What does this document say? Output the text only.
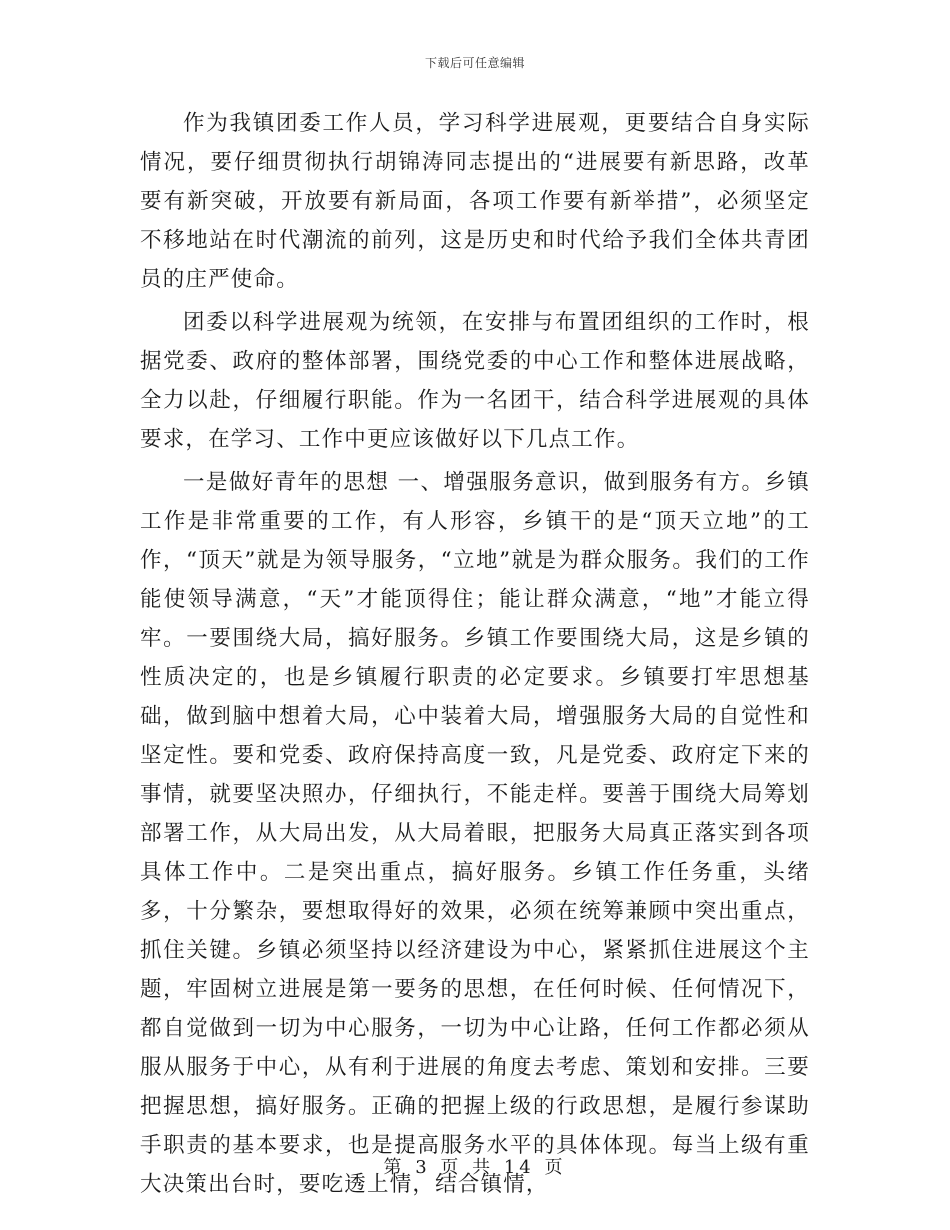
下载后可任意编辑

作为我镇团委工作人员，学习科学进展观，更要结合自身实际情况，要仔细贯彻执行胡锦涛同志提出的“进展要有新思路，改革要有新突破，开放要有新局面，各项工作要有新举措”，必须坚定不移地站在时代潮流的前列，这是历史和时代给予我们全体共青团员的庄严使命。

团委以科学进展观为统领，在安排与布置团组织的工作时，根据党委、政府的整体部署，围绕党委的中心工作和整体进展战略，全力以赴，仔细履行职能。作为一名团干，结合科学进展观的具体要求，在学习、工作中更应该做好以下几点工作。

一是做好青年的思想 一、增强服务意识，做到服务有方。乡镇工作是非常重要的工作，有人形容，乡镇干的是“顶天立地”的工作，“顶天”就是为领导服务，“立地”就是为群众服务。我们的工作能使领导满意，“天”才能顶得住；能让群众满意，“地”才能立得牢。一要围绕大局，搞好服务。乡镇工作要围绕大局，这是乡镇的性质决定的，也是乡镇履行职责的必定要求。乡镇要打牢思想基础，做到脑中想着大局，心中装着大局，增强服务大局的自觉性和坚定性。要和党委、政府保持高度一致，凡是党委、政府定下来的事情，就要坚决照办，仔细执行，不能走样。要善于围绕大局筹划部署工作，从大局出发，从大局着眼，把服务大局真正落实到各项具体工作中。二是突出重点，搞好服务。乡镇工作任务重，头绪多，十分繁杂，要想取得好的效果，必须在统筹兼顾中突出重点，抓住关键。乡镇必须坚持以经济建设为中心，紧紧抓住进展这个主题，牢固树立进展是第一要务的思想，在任何时候、任何情况下，都自觉做到一切为中心服务，一切为中心让路，任何工作都必须从服从服务于中心，从有利于进展的角度去考虑、策划和安排。三要把握思想，搞好服务。正确的把握上级的行政思想，是履行参谋助手职责的基本要求，也是提高服务水平的具体体现。每当上级有重大决策出台时，要吃透上情，结合镇情，

第 3 页 共 14 页
